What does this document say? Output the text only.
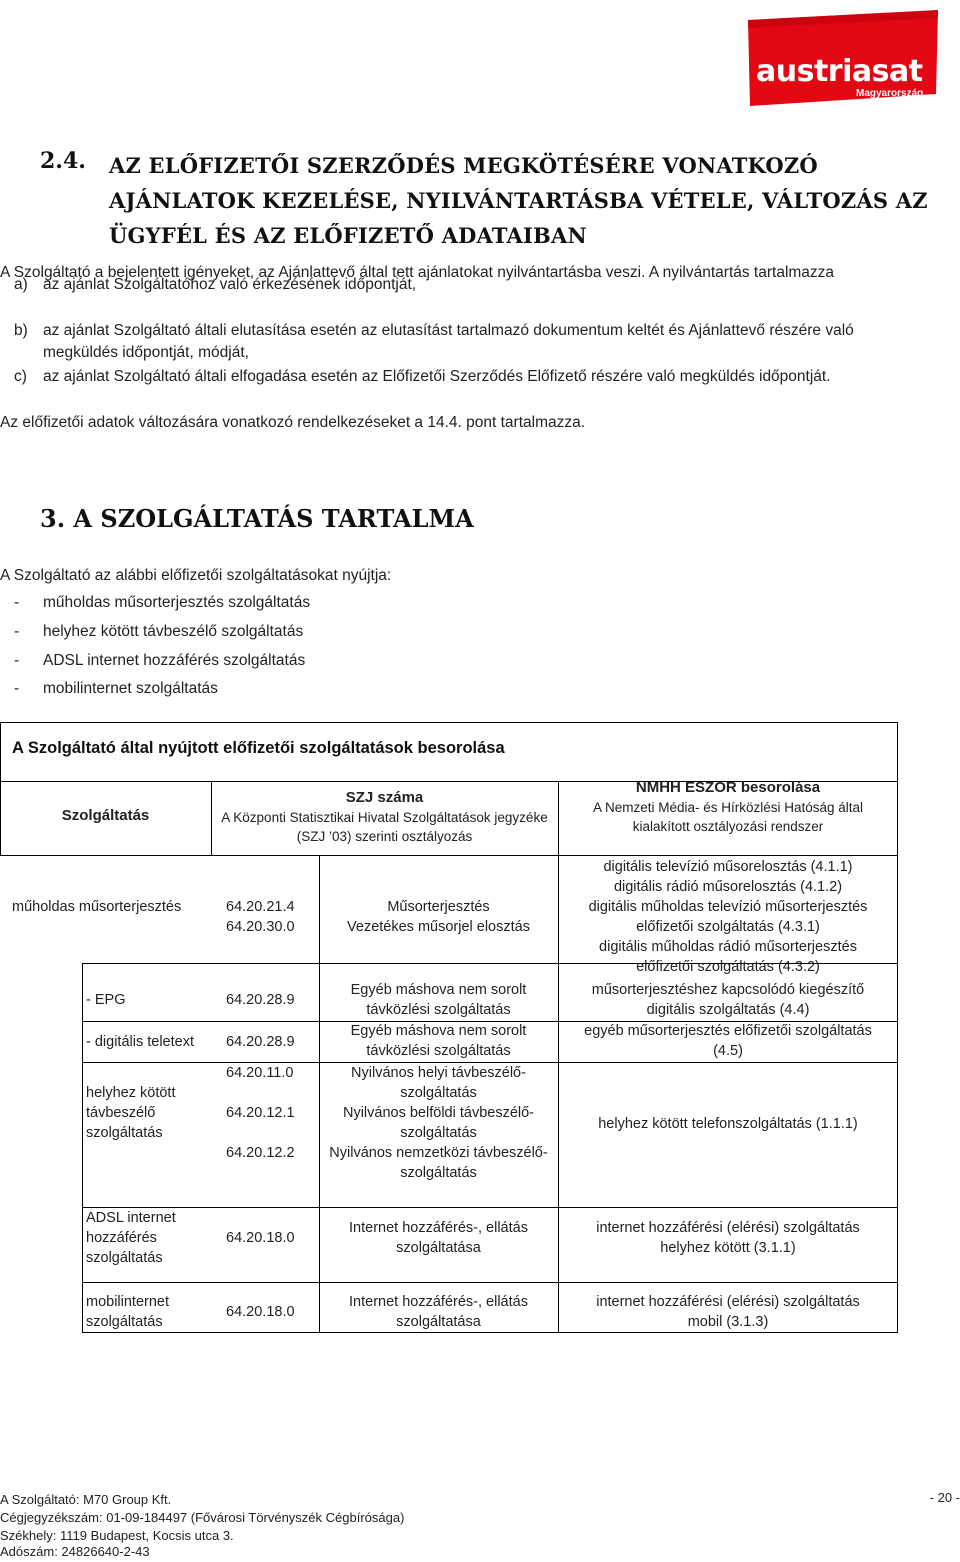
austriasat
Magyarország
2.4. AZ ELŐFIZETŐI SZERZŐDÉS MEGKÖTÉSÉRE VONATKOZÓ AJÁNLATOK KEZELÉSE, NYILVÁNTARTÁSBA VÉTELE, VÁLTOZÁS AZ ÜGYFÉL ÉS AZ ELŐFIZETŐ ADATAIBAN
A Szolgáltató a bejelentett igényeket, az Ajánlattevő által tett ajánlatokat nyilvántartásba veszi. A nyilvántartás tartalmazza
a) az ajánlat Szolgáltatóhoz való érkezésének időpontját,
b) az ajánlat Szolgáltató általi elutasítása esetén az elutasítást tartalmazó dokumentum keltét és Ajánlattevő részére való
megküldés időpontját, módját,
c) az ajánlat Szolgáltató általi elfogadása esetén az Előfizetői Szerződés Előfizető részére való megküldés időpontját.
Az előfizetői adatok változására vonatkozó rendelkezéseket a 14.4. pont tartalmazza.
3. A SZOLGÁLTATÁS TARTALMA
A Szolgáltató az alábbi előfizetői szolgáltatásokat nyújtja:
- műholdas műsorterjesztés szolgáltatás
- helyhez kötött távbeszélő szolgáltatás
- ADSL internet hozzáférés szolgáltatás
- mobilinternet szolgáltatás
A Szolgáltató által nyújtott előfizetői szolgáltatások besorolása
Szolgáltatás
SZJ száma
A Központi Statisztikai Hivatal Szolgáltatások jegyzéke
(SZJ ’03) szerinti osztályozás
NMHH ESZOR besorolása
A Nemzeti Média- és Hírközlési Hatóság által
kialakított osztályozási rendszer
műholdas műsorterjesztés	64.20.21.4
64.20.30.0
Műsorterjesztés
Vezetékes műsorjel elosztás
digitális televízió műsorelosztás (4.1.1)
digitális rádió műsorelosztás (4.1.2)
digitális műholdas televízió műsorterjesztés
előfizetői szolgáltatás (4.3.1)
digitális műholdas rádió műsorterjesztés
előfizetői szolgáltatás (4.3.2)
- EPG	64.20.28.9
Egyéb máshova nem sorolt
távközlési szolgáltatás
műsorterjesztéshez kapcsolódó kiegészítő
digitális szolgáltatás (4.4)
- digitális teletext 64.20.28.9
Egyéb máshova nem sorolt
távközlési szolgáltatás
egyéb műsorterjesztés előfizetői szolgáltatás
(4.5)
helyhez kötött
távbeszélő
szolgáltatás
64.20.11.0
64.20.12.1
64.20.12.2
Nyilvános helyi távbeszélő-
szolgáltatás
Nyilvános belföldi távbeszélő-
szolgáltatás
Nyilvános nemzetközi távbeszélő-
szolgáltatás
helyhez kötött telefonszolgáltatás (1.1.1)
ADSL internet
hozzáférés
szolgáltatás
64.20.18.0
Internet hozzáférés-, ellátás
szolgáltatása
internet hozzáférési (elérési) szolgáltatás
helyhez kötött (3.1.1)
mobilinternet
szolgáltatás
64.20.18.0
Internet hozzáférés-, ellátás
szolgáltatása
internet hozzáférési (elérési) szolgáltatás
mobil (3.1.3)
A Szolgáltató: M70 Group Kft.
Cégjegyzékszám: 01-09-184497 (Fővárosi Törvényszék Cégbírósága)
Székhely: 1119 Budapest, Kocsis utca 3.
Adószám: 24826640-2-43
- 20 -
